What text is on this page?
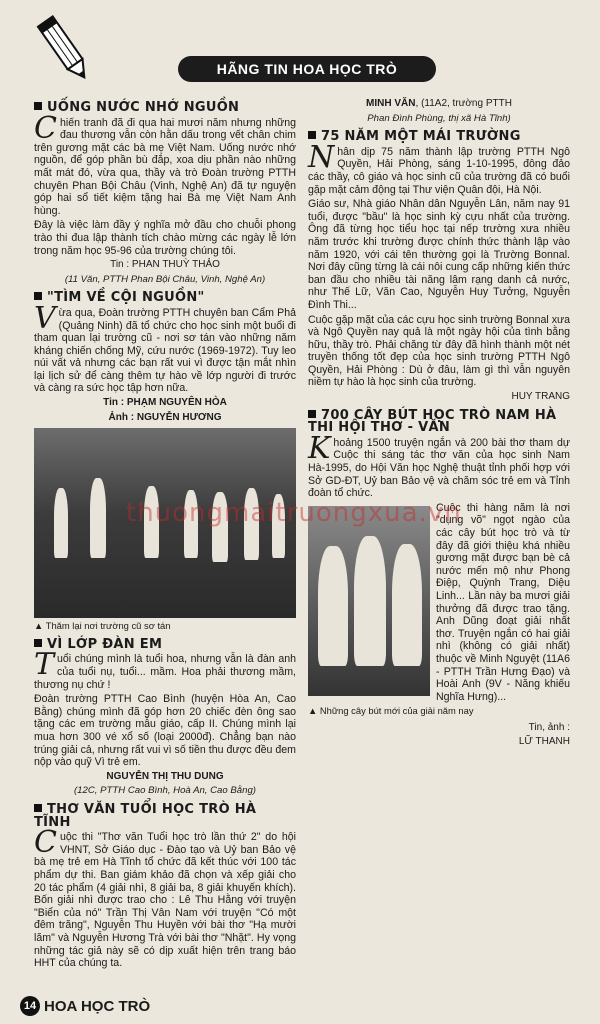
HÃNG TIN HOA HỌC TRÒ
UỐNG NƯỚC NHỚ NGUỒN

Chiến tranh đã đi qua hai mươi năm nhưng những đau thương vẫn còn hằn dấu trong vết chân chim trên gương mặt các bà mẹ Việt Nam. Uống nước nhớ nguồn, để góp phần bù đắp, xoa dịu phần nào những mất mát đó, vừa qua, thầy và trò Đoàn trường PTTH chuyên Phan Bội Châu (Vinh, Nghệ An) đã tự nguyện góp hai sổ tiết kiệm tặng hai Bà mẹ Việt Nam Anh hùng.

Đây là việc làm đầy ý nghĩa mở đầu cho chuỗi phong trào thi đua lập thành tích chào mừng các ngày lễ lớn trong năm học 95-96 của trường chúng tôi.

Tin : PHAN THUỲ THẢO
(11 Văn, PTTH Phan Bội Châu, Vinh, Nghệ An)
"TÌM VỀ CỘI NGUỒN"

Vừa qua, Đoàn trường PTTH chuyên ban Cẩm Phả (Quảng Ninh) đã tổ chức cho học sinh một buổi đi tham quan lại trường cũ - nơi sơ tán vào những năm kháng chiến chống Mỹ, cứu nước (1969-1972). Tuy leo núi vất vả nhưng các bạn rất vui vì được tận mắt nhìn lại lịch sử để càng thêm tự hào về lớp người đi trước và càng ra sức học tập hơn nữa.

Tin : PHẠM NGUYÊN HÒA
Ảnh : NGUYỄN HƯƠNG
▲ Thăm lại nơi trường cũ sơ tán
VÌ LỚP ĐÀN EM

Tuổi chúng mình là tuổi hoa, nhưng vẫn là đàn anh của tuổi nụ, tuổi... mầm. Hoa phải thương mầm, thương nụ chứ !

Đoàn trường PTTH Cao Bình (huyện Hòa An, Cao Bằng) chúng mình đã góp hơn 20 chiếc đèn ông sao tặng các em trường mẫu giáo, cấp II. Chúng mình lại mua hơn 300 vé xổ số (loại 2000đ). Chẳng bạn nào trúng giải cả, nhưng rất vui vì số tiền thu được đều đem nộp vào quỹ Vì trẻ em.

NGUYỄN THỊ THU DUNG
(12C, PTTH Cao Bình, Hoà An, Cao Bằng)
THƠ VĂN TUỔI HỌC TRÒ HÀ TĨNH

Cuộc thi "Thơ văn Tuổi học trò lần thứ 2" do hội VHNT, Sở Giáo dục - Đào tạo và Uỷ ban Bảo vệ bà mẹ trẻ em Hà Tĩnh tổ chức đã kết thúc với 100 tác phẩm dự thi. Ban giám khảo đã chọn và xếp giải cho 20 tác phẩm (4 giải nhì, 8 giải ba, 8 giải khuyến khích). Bốn giải nhì được trao cho : Lê Thu Hằng với truyện "Biển của nó" Trần Thị Vân Nam với truyện "Có một đêm trăng", Nguyễn Thu Huyền với bài thơ "Hạ mười lăm" và Nguyễn Hương Trà với bài thơ "Nhặt". Hy vọng những tác giả này sẽ có dịp xuất hiện trên trang báo HHT của chúng ta.

MINH VĂN, (11A2, trường PTTH
Phan Đình Phùng, thị xã Hà Tĩnh)
75 NĂM MỘT MÁI TRƯỜNG

Nhân dịp 75 năm thành lập trường PTTH Ngô Quyền, Hải Phòng, sáng 1-10-1995, đông đảo các thầy, cô giáo và học sinh cũ của trường đã có buổi gặp mặt cảm động tại Thư viện Quân đội, Hà Nội.

Giáo sư, Nhà giáo Nhân dân Nguyễn Lân, năm nay 91 tuổi, được "bầu" là học sinh kỳ cựu nhất của trường. Ông đã từng học tiểu học tại nếp trường xưa nhiều năm trước khi trường được chính thức thành lập vào năm 1920, với cái tên thường gọi là Trường Bonnal. Nơi đây cũng từng là cái nôi cung cấp những kiến thức ban đầu cho nhiều tài năng lâm rạng danh cả nước, như Thế Lữ, Văn Cao, Nguyễn Huy Tưởng, Nguyễn Đình Thi...

Cuộc gặp mặt của các cựu học sinh trường Bonnal xưa và Ngô Quyền nay quả là một ngày hội của tình bằng hữu, thầy trò. Phải chăng từ đây đã hình thành một nét truyền thống tốt đẹp của học sinh trường PTTH Ngô Quyền, Hải Phòng : Dù ở đâu, làm gì thì vẫn nguyên niềm tự hào là học sinh của trường.

HUY TRANG
700 CÂY BÚT HỌC TRÒ NAM HÀ THI HỘI THƠ - VĂN

Khoảng 1500 truyện ngắn và 200 bài thơ tham dự Cuộc thi sáng tác thơ văn của học sinh Nam Hà-1995, do Hội Văn học Nghệ thuật tỉnh phối hợp với Sở GD-ĐT, Uỷ ban Bảo vệ và chăm sóc trẻ em và Tỉnh đoàn tổ chức.

Cuộc thi hàng năm là nơi "dụng võ" ngọt ngào của các cây bút học trò và từ đây đã giới thiệu khá nhiều gương mặt được bạn bè cả nước mến mộ như Phong Điệp, Quỳnh Trang, Diệu Linh... Lần này ba mươi giải thưởng đã được trao tặng. Anh Dũng đoạt giải nhất thơ. Truyện ngắn có hai giải nhì (không có giải nhất) thuộc về Minh Nguyệt (11A6 - PTTH Trần Hưng Đạo) và Hoài Anh (9V - Năng khiếu Nghĩa Hưng)...

▲ Những cây bút mới của giải năm nay
Tin, ảnh :
LỮ THANH
thuongmaitruongxua.vn
14 HOA HỌC TRÒ
